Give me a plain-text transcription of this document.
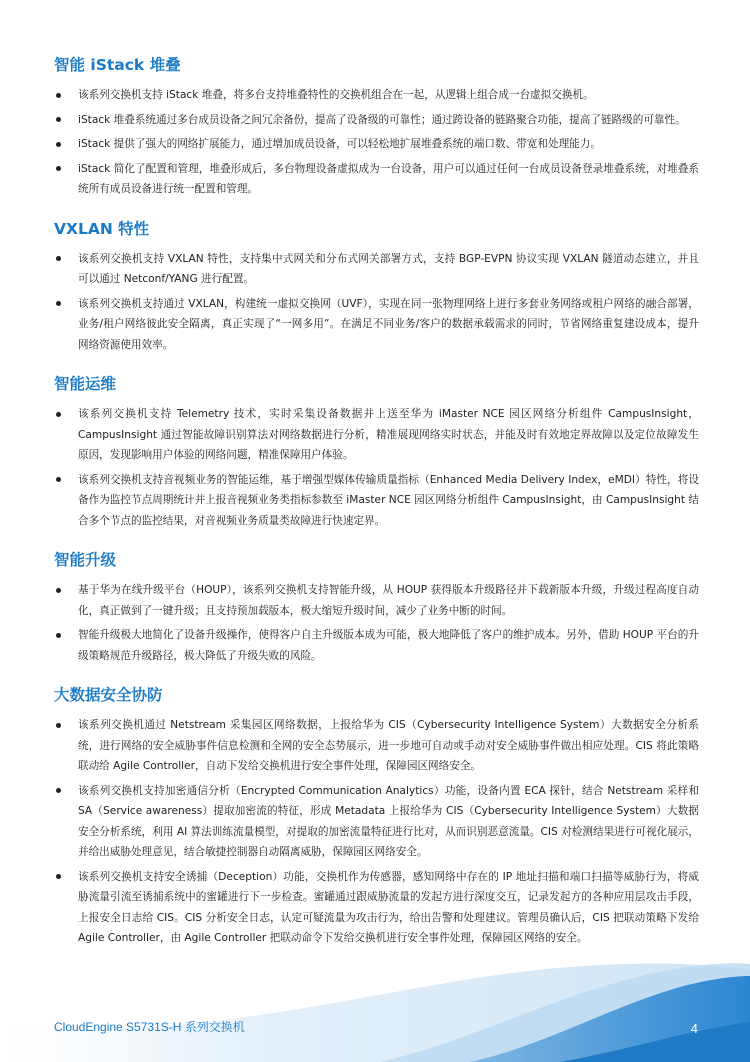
智能 iStack 堆叠
该系列交换机支持 iStack 堆叠，将多台支持堆叠特性的交换机组合在一起，从逻辑上组合成一台虚拟交换机。
iStack 堆叠系统通过多台成员设备之间冗余备份，提高了设备级的可靠性；通过跨设备的链路聚合功能，提高了链路级的可靠性。
iStack 提供了强大的网络扩展能力，通过增加成员设备，可以轻松地扩展堆叠系统的端口数、带宽和处理能力。
iStack 简化了配置和管理，堆叠形成后，多台物理设备虚拟成为一台设备，用户可以通过任何一台成员设备登录堆叠系统，对堆叠系统所有成员设备进行统一配置和管理。
VXLAN 特性
该系列交换机支持 VXLAN 特性，支持集中式网关和分布式网关部署方式，支持 BGP-EVPN 协议实现 VXLAN 隧道动态建立，并且可以通过 Netconf/YANG 进行配置。
该系列交换机支持通过 VXLAN，构建统一虚拟交换网（UVF），实现在同一张物理网络上进行多套业务网络或租户网络的融合部署，业务/租户网络彼此安全隔离，真正实现了“一网多用”。在满足不同业务/客户的数据承载需求的同时，节省网络重复建设成本，提升网络资源使用效率。
智能运维
该系列交换机支持 Telemetry 技术，实时采集设备数据并上送至华为 iMaster NCE 园区网络分析组件 CampusInsight，CampusInsight 通过智能故障识别算法对网络数据进行分析，精准展现网络实时状态，并能及时有效地定界故障以及定位故障发生原因，发现影响用户体验的网络问题，精准保障用户体验。
该系列交换机支持音视频业务的智能运维，基于增强型媒体传输质量指标（Enhanced Media Delivery Index，eMDI）特性，将设备作为监控节点周期统计并上报音视频业务类指标参数至 iMaster NCE 园区网络分析组件 CampusInsight，由 CampusInsight 结合多个节点的监控结果，对音视频业务质量类故障进行快速定界。
智能升级
基于华为在线升级平台（HOUP），该系列交换机支持智能升级，从 HOUP 获得版本升级路径并下载新版本升级，升级过程高度自动化，真正做到了一键升级；且支持预加载版本，极大缩短升级时间，减少了业务中断的时间。
智能升级极大地简化了设备升级操作，使得客户自主升级版本成为可能，极大地降低了客户的维护成本。另外，借助 HOUP 平台的升级策略规范升级路径，极大降低了升级失败的风险。
大数据安全协防
该系列交换机通过 Netstream 采集园区网络数据，上报给华为 CIS（Cybersecurity Intelligence System）大数据安全分析系统，进行网络的安全威胁事件信息检测和全网的安全态势展示，进一步地可自动或手动对安全威胁事件做出相应处理。CIS 将此策略联动给 Agile Controller，自动下发给交换机进行安全事件处理，保障园区网络安全。
该系列交换机支持加密通信分析（Encrypted Communication Analytics）功能，设备内置 ECA 探针，结合 Netstream 采样和 SA（Service awareness）提取加密流的特征，形成 Metadata 上报给华为 CIS（Cybersecurity Intelligence System）大数据安全分析系统，利用 AI 算法训练流量模型，对提取的加密流量特征进行比对，从而识别恶意流量。CIS 对检测结果进行可视化展示，并给出威胁处理意见，结合敏捷控制器自动隔离威胁，保障园区网络安全。
该系列交换机支持安全诱捕（Deception）功能，交换机作为传感器，感知网络中存在的 IP 地址扫描和端口扫描等威胁行为，将威胁流量引流至诱捕系统中的蜜罐进行下一步检查。蜜罐通过跟威胁流量的发起方进行深度交互，记录发起方的各种应用层攻击手段，上报安全日志给 CIS。CIS 分析安全日志，认定可疑流量为攻击行为，给出告警和处理建议。管理员确认后，CIS 把联动策略下发给 Agile Controller，由 Agile Controller 把联动命令下发给交换机进行安全事件处理，保障园区网络的安全。
CloudEngine S5731S-H 系列交换机	4
